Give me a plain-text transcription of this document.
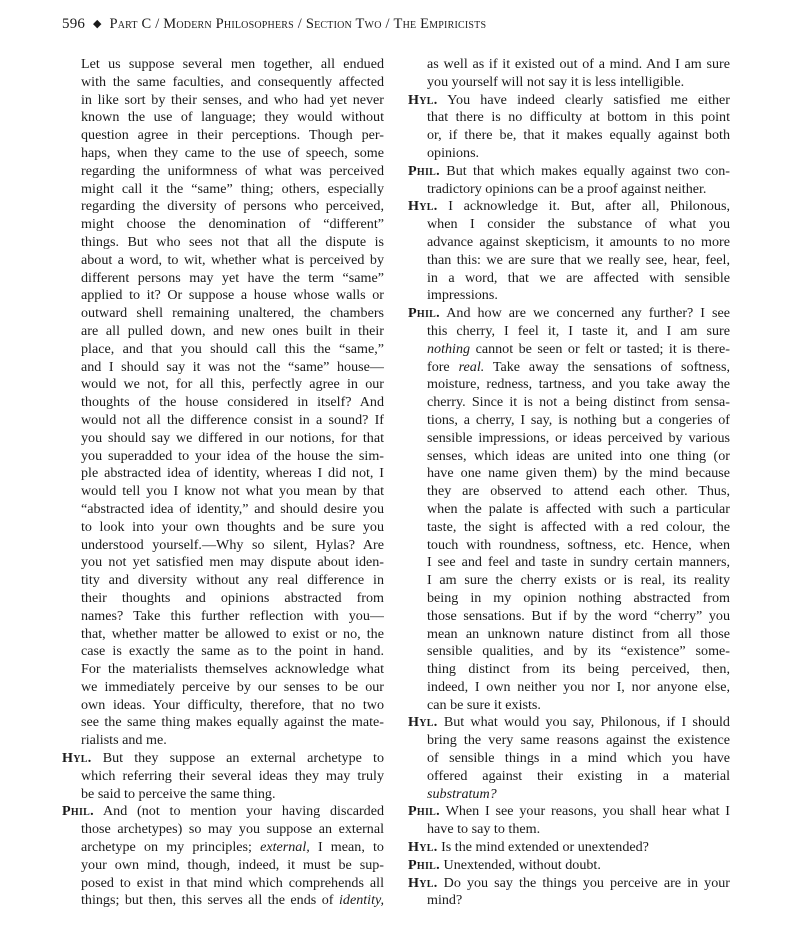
596 ◆ Part C / Modern Philosophers / Section Two / The Empiricists
Let us suppose several men together, all endued
with the same faculties, and consequently affected
in like sort by their senses, and who had yet never
known the use of language; they would without
question agree in their perceptions. Though per-
haps, when they came to the use of speech, some
regarding the uniformness of what was perceived
might call it the “same” thing; others, especially
regarding the diversity of persons who perceived,
might choose the denomination of “different”
things. But who sees not that all the dispute is
about a word, to wit, whether what is perceived by
different persons may yet have the term “same”
applied to it? Or suppose a house whose walls or
outward shell remaining unaltered, the chambers
are all pulled down, and new ones built in their
place, and that you should call this the “same,”
and I should say it was not the “same” house—
would we not, for all this, perfectly agree in our
thoughts of the house considered in itself? And
would not all the difference consist in a sound? If
you should say we differed in our notions, for that
you superadded to your idea of the house the sim-
ple abstracted idea of identity, whereas I did not, I
would tell you I know not what you mean by that
“abstracted idea of identity,” and should desire you
to look into your own thoughts and be sure you
understood yourself.—Why so silent, Hylas? Are
you not yet satisfied men may dispute about iden-
tity and diversity without any real difference in
their thoughts and opinions abstracted from
names? Take this further reflection with you—
that, whether matter be allowed to exist or no, the
case is exactly the same as to the point in hand.
For the materialists themselves acknowledge what
we immediately perceive by our senses to be our
own ideas. Your difficulty, therefore, that no two
see the same thing makes equally against the mate-
rialists and me.
Hyl. But they suppose an external archetype to
which referring their several ideas they may truly
be said to perceive the same thing.
Phil. And (not to mention your having discarded
those archetypes) so may you suppose an external
archetype on my principles; external, I mean, to
your own mind, though, indeed, it must be sup-
posed to exist in that mind which comprehends all
things; but then, this serves all the ends of identity,
as well as if it existed out of a mind. And I am sure
you yourself will not say it is less intelligible.
Hyl. You have indeed clearly satisfied me either
that there is no difficulty at bottom in this point
or, if there be, that it makes equally against both
opinions.
Phil. But that which makes equally against two con-
tradictory opinions can be a proof against neither.
Hyl. I acknowledge it. But, after all, Philonous,
when I consider the substance of what you
advance against skepticism, it amounts to no more
than this: we are sure that we really see, hear, feel,
in a word, that we are affected with sensible
impressions.
Phil. And how are we concerned any further? I see
this cherry, I feel it, I taste it, and I am sure
nothing cannot be seen or felt or tasted; it is there-
fore real. Take away the sensations of softness,
moisture, redness, tartness, and you take away the
cherry. Since it is not a being distinct from sensa-
tions, a cherry, I say, is nothing but a congeries of
sensible impressions, or ideas perceived by various
senses, which ideas are united into one thing (or
have one name given them) by the mind because
they are observed to attend each other. Thus,
when the palate is affected with such a particular
taste, the sight is affected with a red colour, the
touch with roundness, softness, etc. Hence, when
I see and feel and taste in sundry certain manners,
I am sure the cherry exists or is real, its reality
being in my opinion nothing abstracted from
those sensations. But if by the word “cherry” you
mean an unknown nature distinct from all those
sensible qualities, and by its “existence” some-
thing distinct from its being perceived, then,
indeed, I own neither you nor I, nor anyone else,
can be sure it exists.
Hyl. But what would you say, Philonous, if I should
bring the very same reasons against the existence
of sensible things in a mind which you have
offered against their existing in a material
substratum?
Phil. When I see your reasons, you shall hear what I
have to say to them.
Hyl. Is the mind extended or unextended?
Phil. Unextended, without doubt.
Hyl. Do you say the things you perceive are in your
mind?
